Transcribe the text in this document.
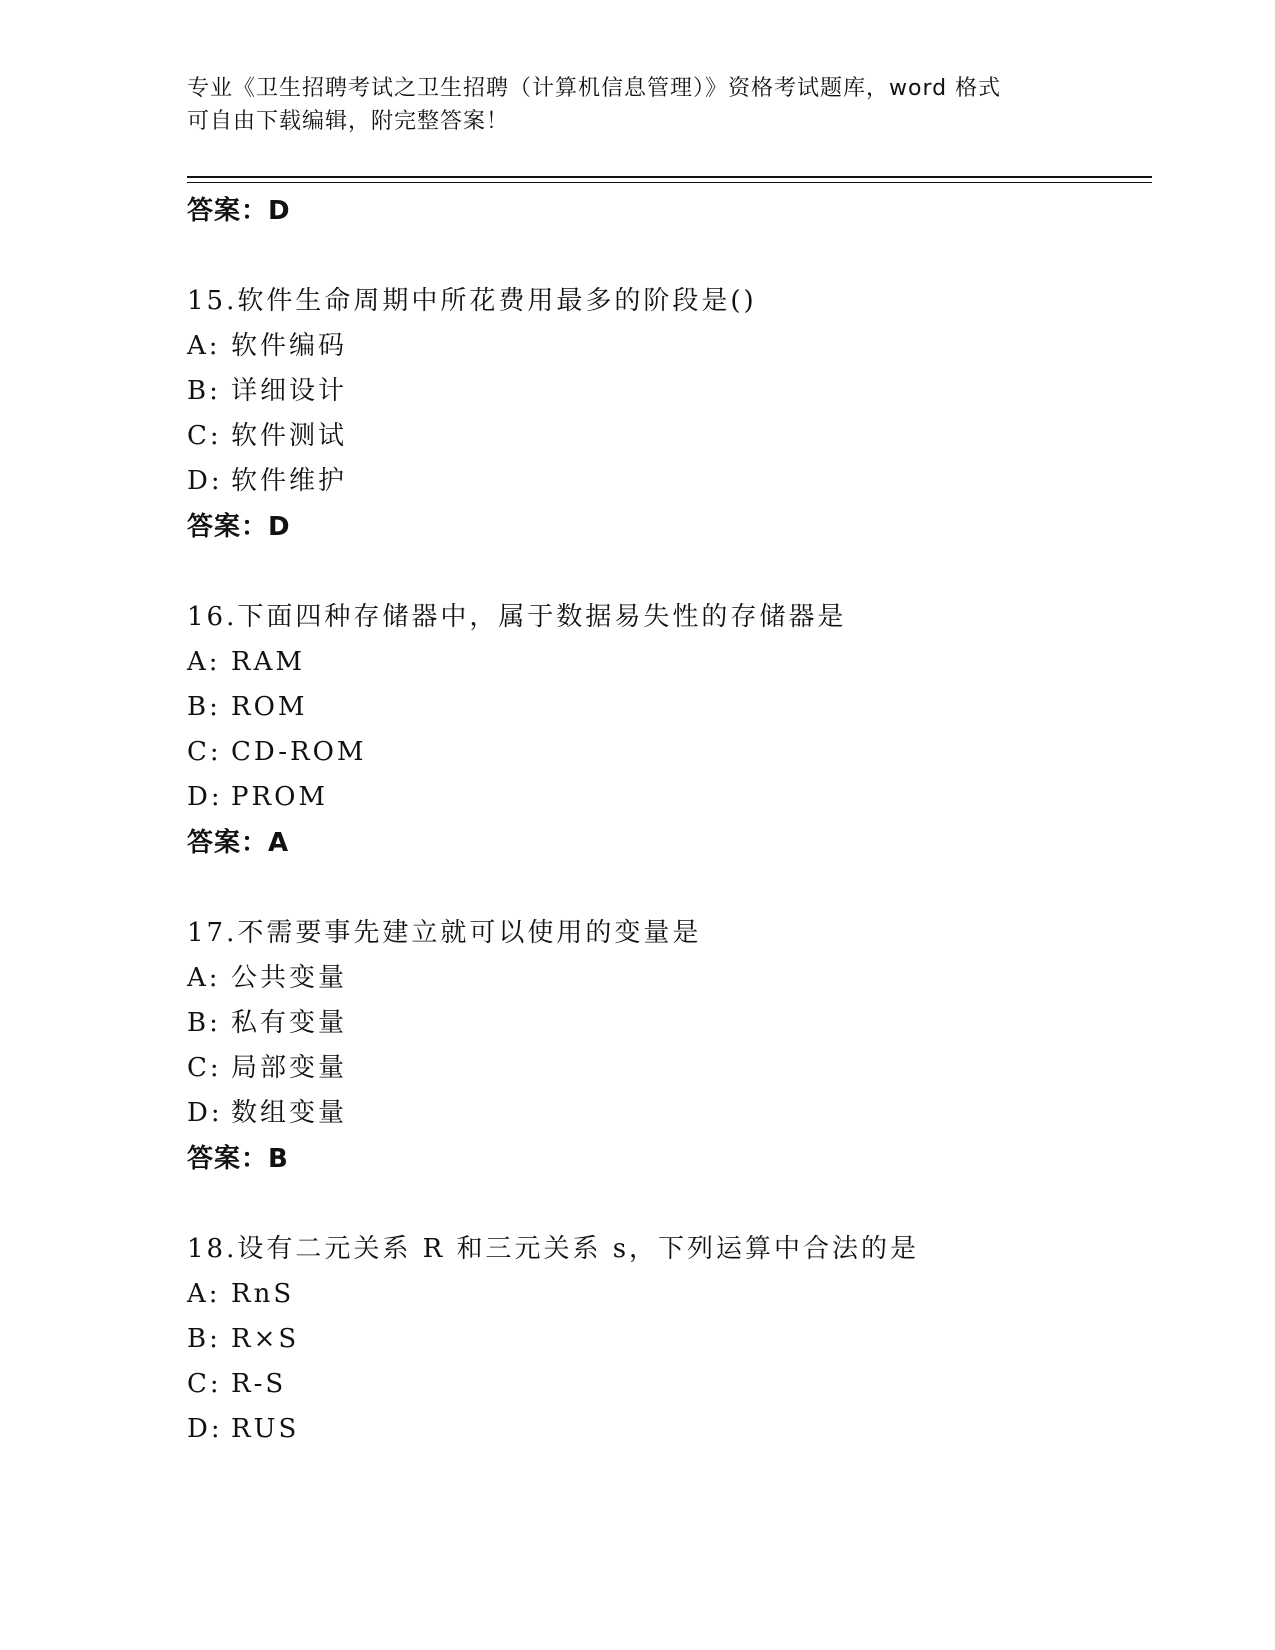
专业《卫生招聘考试之卫生招聘（计算机信息管理）》资格考试题库，word 格式
可自由下载编辑，附完整答案！
答案：D
15.软件生命周期中所花费用最多的阶段是()
A: 软件编码
B: 详细设计
C: 软件测试
D: 软件维护
答案：D
16.下面四种存储器中，属于数据易失性的存储器是
A: RAM
B: ROM
C: CD-ROM
D: PROM
答案：A
17.不需要事先建立就可以使用的变量是
A: 公共变量
B: 私有变量
C: 局部变量
D: 数组变量
答案：B
18.设有二元关系 R 和三元关系 s，下列运算中合法的是
A: RnS
B: R×S
C: R-S
D: RUS
